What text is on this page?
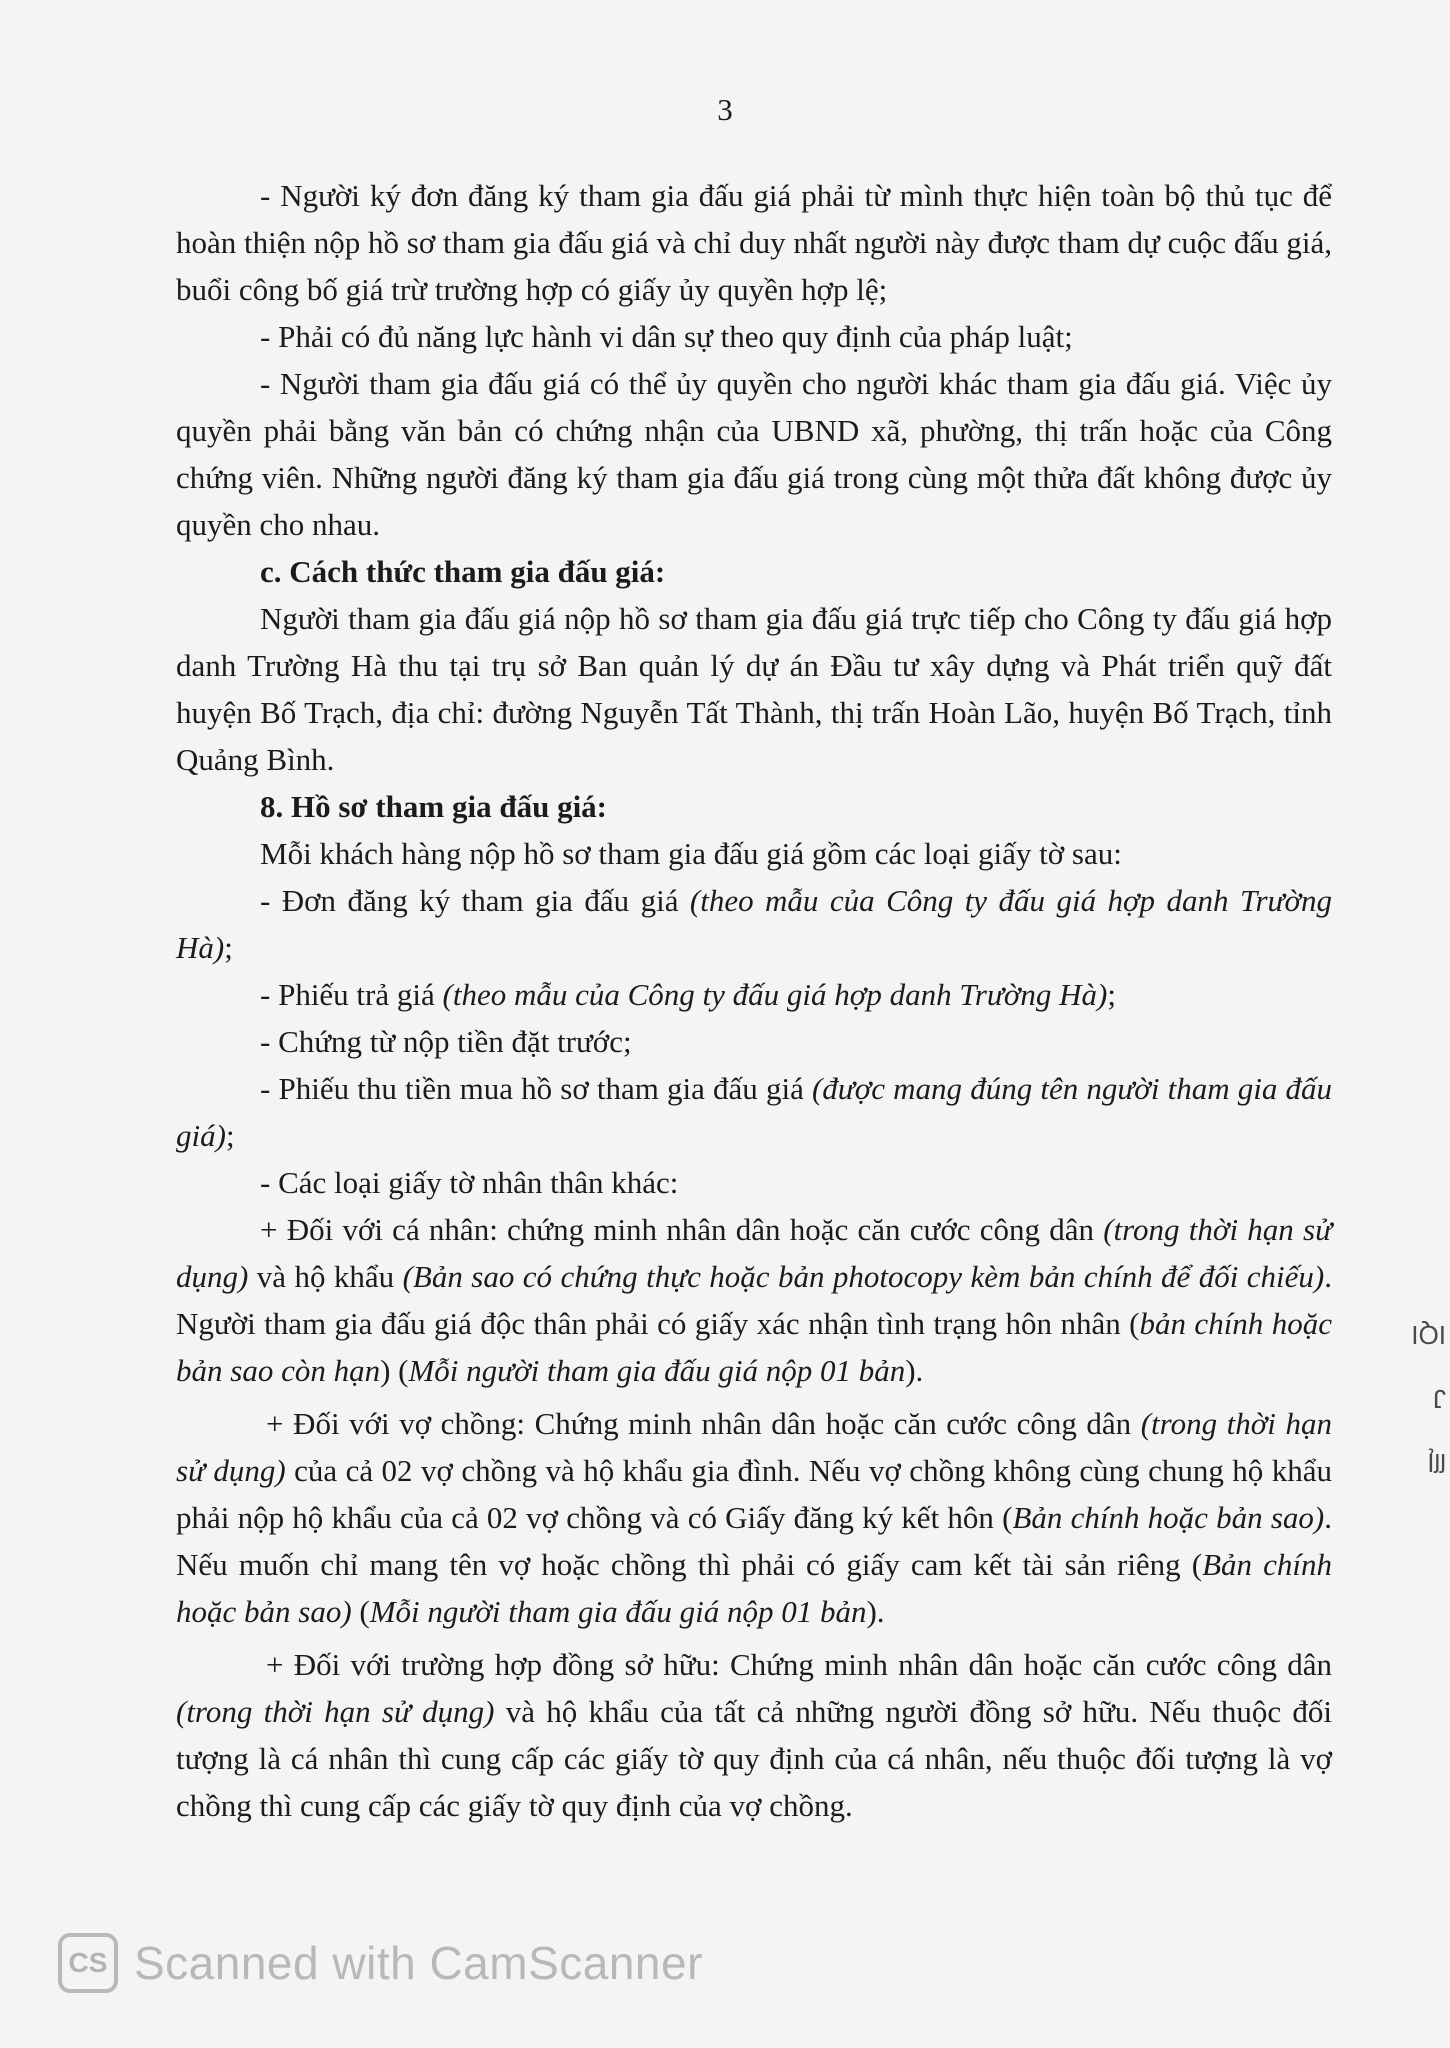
3

- Người ký đơn đăng ký tham gia đấu giá phải từ mình thực hiện toàn bộ thủ tục để hoàn thiện nộp hồ sơ tham gia đấu giá và chỉ duy nhất người này được tham dự cuộc đấu giá, buổi công bố giá trừ trường hợp có giấy ủy quyền hợp lệ;

- Phải có đủ năng lực hành vi dân sự theo quy định của pháp luật;

- Người tham gia đấu giá có thể ủy quyền cho người khác tham gia đấu giá. Việc ủy quyền phải bằng văn bản có chứng nhận của UBND xã, phường, thị trấn hoặc của Công chứng viên. Những người đăng ký tham gia đấu giá trong cùng một thửa đất không được ủy quyền cho nhau.

c. Cách thức tham gia đấu giá:

Người tham gia đấu giá nộp hồ sơ tham gia đấu giá trực tiếp cho Công ty đấu giá hợp danh Trường Hà thu tại trụ sở Ban quản lý dự án Đầu tư xây dựng và Phát triển quỹ đất huyện Bố Trạch, địa chỉ: đường Nguyễn Tất Thành, thị trấn Hoàn Lão, huyện Bố Trạch, tỉnh Quảng Bình.

8. Hồ sơ tham gia đấu giá:

Mỗi khách hàng nộp hồ sơ tham gia đấu giá gồm các loại giấy tờ sau:

- Đơn đăng ký tham gia đấu giá (theo mẫu của Công ty đấu giá hợp danh Trường Hà);

- Phiếu trả giá (theo mẫu của Công ty đấu giá hợp danh Trường Hà);

- Chứng từ nộp tiền đặt trước;

- Phiếu thu tiền mua hồ sơ tham gia đấu giá (được mang đúng tên người tham gia đấu giá);

- Các loại giấy tờ nhân thân khác:

+ Đối với cá nhân: chứng minh nhân dân hoặc căn cước công dân (trong thời hạn sử dụng) và hộ khẩu (Bản sao có chứng thực hoặc bản photocopy kèm bản chính để đối chiếu). Người tham gia đấu giá độc thân phải có giấy xác nhận tình trạng hôn nhân (bản chính hoặc bản sao còn hạn) (Mỗi người tham gia đấu giá nộp 01 bản).

+ Đối với vợ chồng: Chứng minh nhân dân hoặc căn cước công dân (trong thời hạn sử dụng) của cả 02 vợ chồng và hộ khẩu gia đình. Nếu vợ chồng không cùng chung hộ khẩu phải nộp hộ khẩu của cả 02 vợ chồng và có Giấy đăng ký kết hôn (Bản chính hoặc bản sao). Nếu muốn chỉ mang tên vợ hoặc chồng thì phải có giấy cam kết tài sản riêng (Bản chính hoặc bản sao) (Mỗi người tham gia đấu giá nộp 01 bản).

+ Đối với trường hợp đồng sở hữu: Chứng minh nhân dân hoặc căn cước công dân (trong thời hạn sử dụng) và hộ khẩu của tất cả những người đồng sở hữu. Nếu thuộc đối tượng là cá nhân thì cung cấp các giấy tờ quy định của cá nhân, nếu thuộc đối tượng là vợ chồng thì cung cấp các giấy tờ quy định của vợ chồng.

IQI
J
ſſĮ
CS Scanned with CamScanner
